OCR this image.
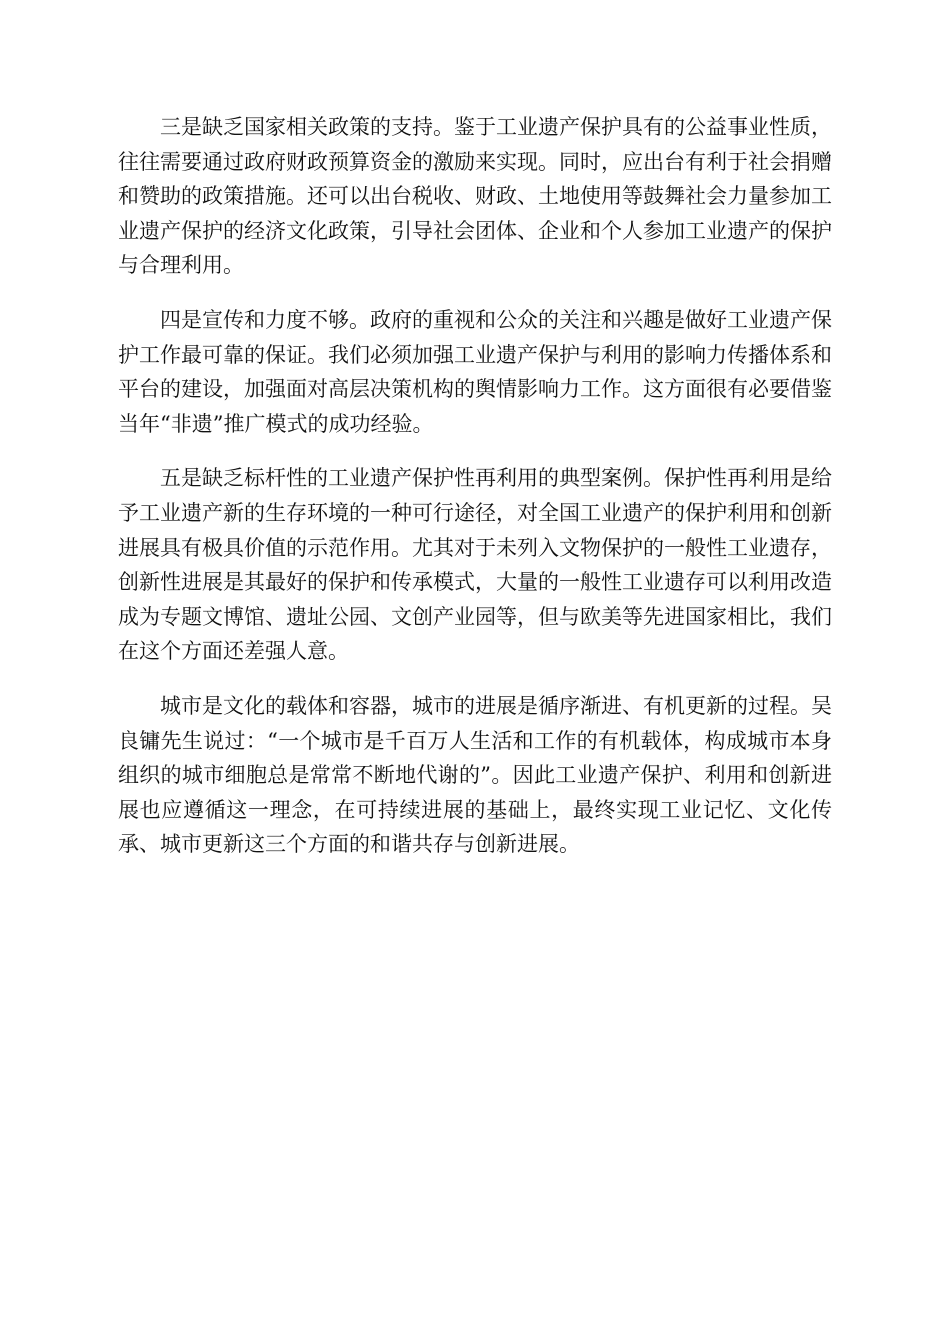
三是缺乏国家相关政策的支持。鉴于工业遗产保护具有的公益事业性质，往往需要通过政府财政预算资金的激励来实现。同时，应出台有利于社会捐赠和赞助的政策措施。还可以出台税收、财政、土地使用等鼓舞社会力量参加工业遗产保护的经济文化政策，引导社会团体、企业和个人参加工业遗产的保护与合理利用。

四是宣传和力度不够。政府的重视和公众的关注和兴趣是做好工业遗产保护工作最可靠的保证。我们必须加强工业遗产保护与利用的影响力传播体系和平台的建设，加强面对高层决策机构的舆情影响力工作。这方面很有必要借鉴当年“非遗”推广模式的成功经验。

五是缺乏标杆性的工业遗产保护性再利用的典型案例。保护性再利用是给予工业遗产新的生存环境的一种可行途径，对全国工业遗产的保护利用和创新进展具有极具价值的示范作用。尤其对于未列入文物保护的一般性工业遗存，创新性进展是其最好的保护和传承模式，大量的一般性工业遗存可以利用改造成为专题文博馆、遗址公园、文创产业园等，但与欧美等先进国家相比，我们在这个方面还差强人意。

城市是文化的载体和容器，城市的进展是循序渐进、有机更新的过程。吴良镛先生说过：“一个城市是千百万人生活和工作的有机载体，构成城市本身组织的城市细胞总是常常不断地代谢的”。因此工业遗产保护、利用和创新进展也应遵循这一理念，在可持续进展的基础上，最终实现工业记忆、文化传承、城市更新这三个方面的和谐共存与创新进展。
